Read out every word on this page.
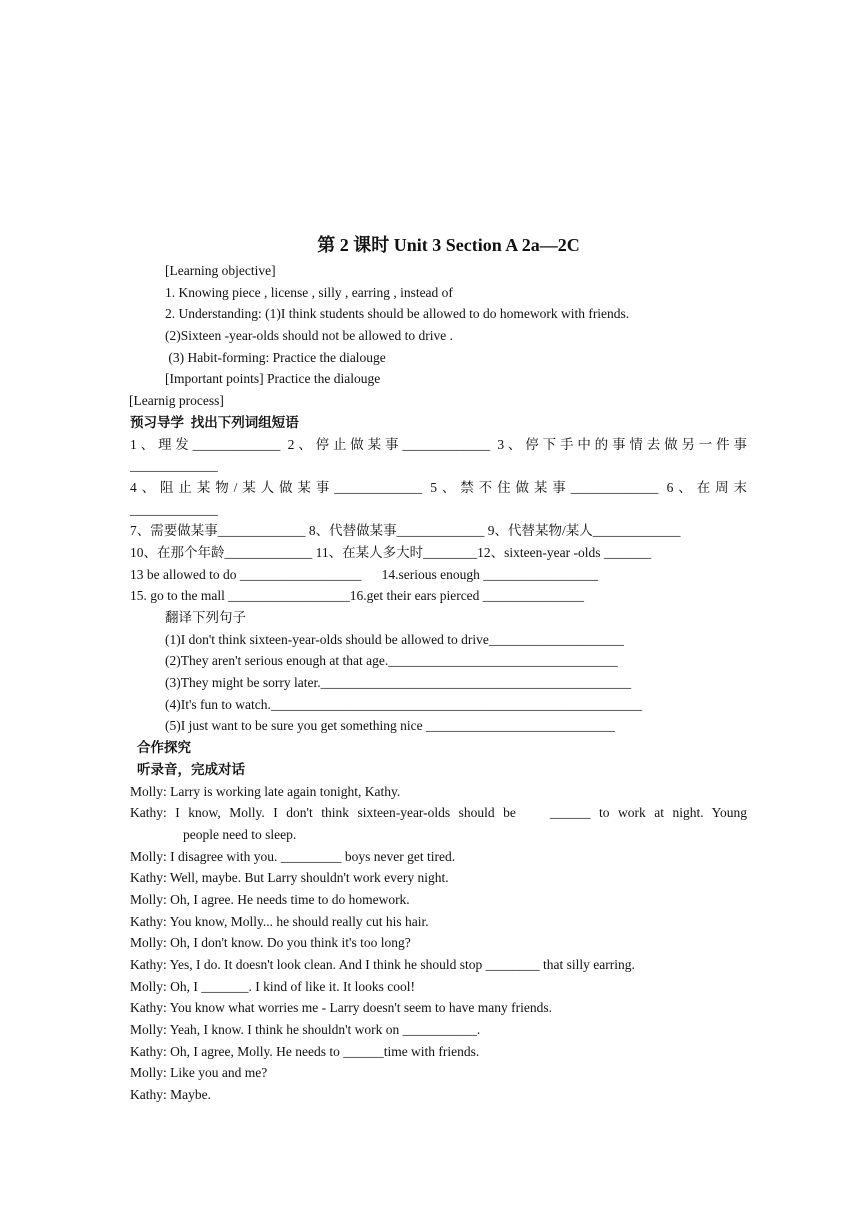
第 2 课时 Unit 3 Section A 2a—2C
[Learning objective]
1. Knowing piece , license , silly , earring , instead of
2. Understanding: (1)I think students should be allowed to do homework with friends.
(2)Sixteen -year-olds should not be allowed to drive .
(3) Habit-forming: Practice the dialouge
[Important points] Practice the dialouge
[Learnig process]
预习导学  找出下列词组短语
1、理发_____________ 2、停止做某事_____________ 3、停下手中的事情去做另一件事
_____________
4、阻止某物/某人做某事_____________ 5、禁不住做某事_____________ 6、在周末
_____________
7、需要做某事_____________ 8、代替做某事_____________ 9、代替某物/某人_____________
10、在那个年龄_____________ 11、在某人多大时________12、sixteen-year -olds _______
13 be allowed to do __________________      14.serious enough _________________
15. go to the mall __________________16.get their ears pierced _______________
翻译下列句子
(1)I don't think sixteen-year-olds should be allowed to drive____________________
(2)They aren't serious enough at that age.__________________________________
(3)They might be sorry later.______________________________________________
(4)It's fun to watch._______________________________________________________
(5)I just want to be sure you get something nice ____________________________
合作探究
听录音，完成对话
Molly: Larry is working late again tonight, Kathy.
Kathy: I know, Molly. I don't think sixteen-year-olds should be    ______ to work at night. Young
people need to sleep.
Molly: I disagree with you. _________ boys never get tired.
Kathy: Well, maybe. But Larry shouldn't work every night.
Molly: Oh, I agree. He needs time to do homework.
Kathy: You know, Molly... he should really cut his hair.
Molly: Oh, I don't know. Do you think it's too long?
Kathy: Yes, I do. It doesn't look clean. And I think he should stop ________ that silly earring.
Molly: Oh, I _______. I kind of like it. It looks cool!
Kathy: You know what worries me - Larry doesn't seem to have many friends.
Molly: Yeah, I know. I think he shouldn't work on ___________.
Kathy: Oh, I agree, Molly. He needs to ______time with friends.
Molly: Like you and me?
Kathy: Maybe.
